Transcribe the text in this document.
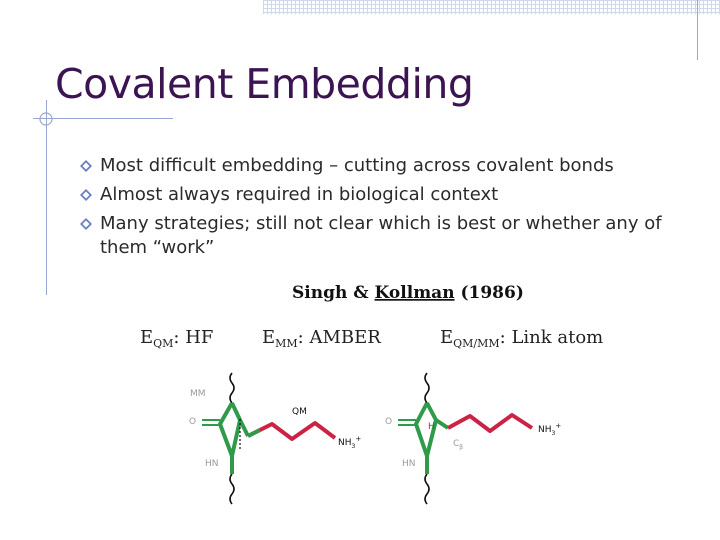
Covalent Embedding
Most difficult embedding – cutting across covalent bonds
Almost always required in biological context
Many strategies; still not clear which is best or whether any of them “work”
Singh & Kollman (1986)
$E_{QM}$: HF	$E_{MM}$: AMBER	$E_{QM/MM}$: Link atom
MM
QM
O
HN
$NH_3^+$
O	H
$C_\beta$
HN
$NH_3^+$
